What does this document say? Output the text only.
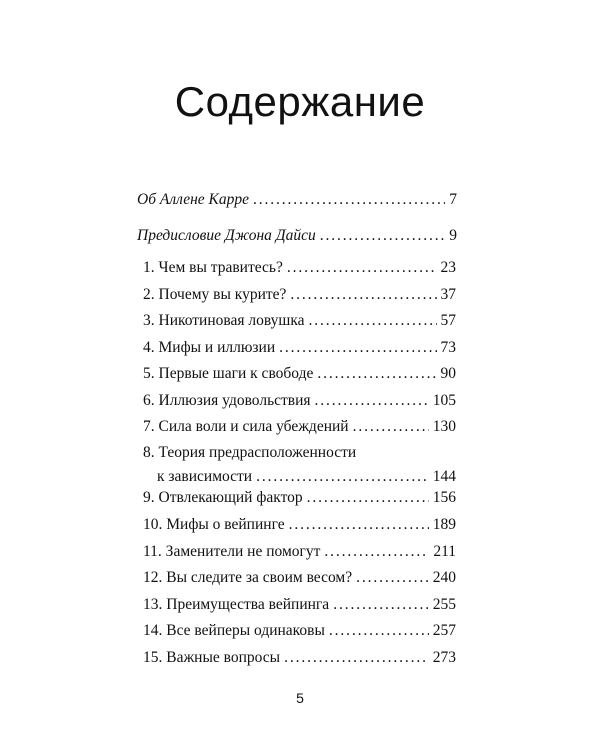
Содержание
Об Аллене Карре . . .	7
Предисловие Джона Дайси . . .	9
1. Чем вы травитесь? . . .	23
2. Почему вы курите? . . .	37
3. Никотиновая ловушка . . .	57
4. Мифы и иллюзии . . .	73
5. Первые шаги к свободе . . .	90
6. Иллюзия удовольствия . . .	105
7. Сила воли и сила убеждений . . .	130
8. Теория предрасположенности
к зависимости . . .	144
9. Отвлекающий фактор . . .	156
10. Мифы о вейпинге . . .	189
11. Заменители не помогут . . .	211
12. Вы следите за своим весом? . . .	240
13. Преимущества вейпинга . . .	255
14. Все вейперы одинаковы . . .	257
15. Важные вопросы . . .	273
5
